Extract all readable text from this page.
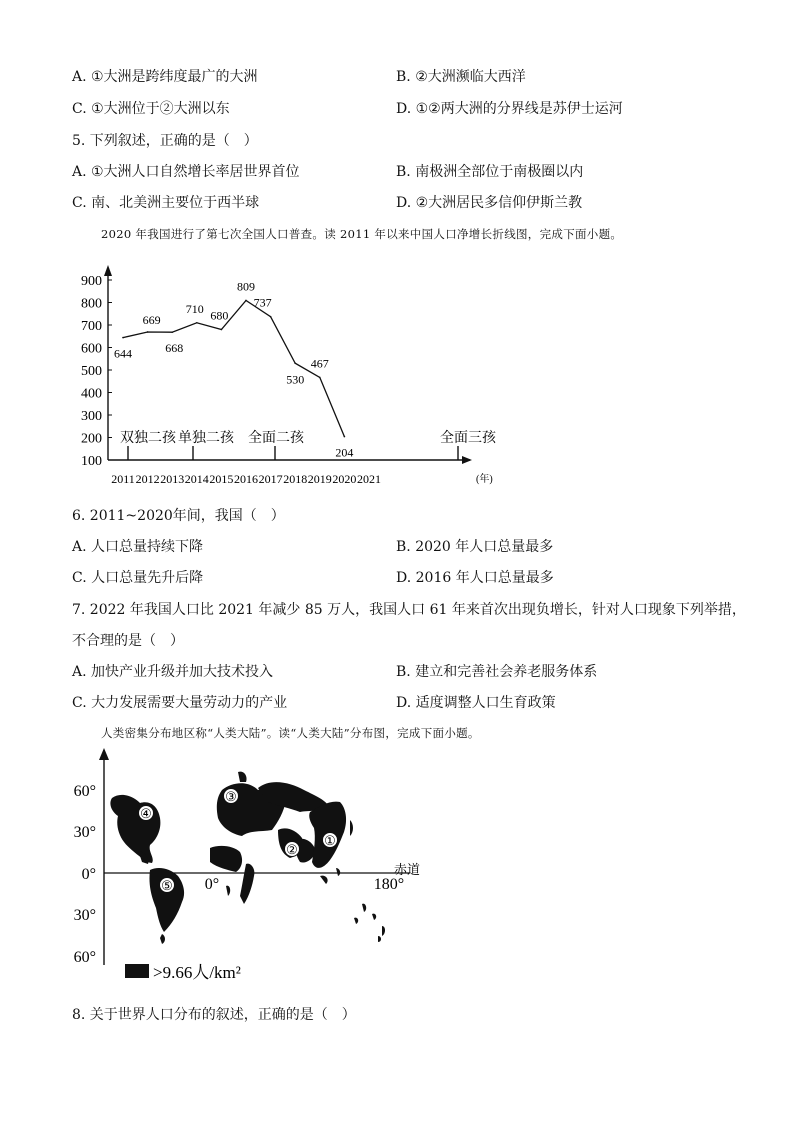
A. ①大洲是跨纬度最广的大洲	B. ②大洲濒临大西洋
C. ①大洲位于②大洲以东	D. ①②两大洲的分界线是苏伊士运河
5. 下列叙述，正确的是（　）
A. ①大洲人口自然增长率居世界首位	B. 南极洲全部位于南极圈以内
C. 南、北美洲主要位于西半球	D. ②大洲居民多信仰伊斯兰教
2020 年我国进行了第七次全国人口普查。读 2011 年以来中国人口净增长折线图，完成下面小题。
100
200
300
400
500
600
700
800
900
2011 2012 2013 2014 2015 2016 2017 2018 2019 2020 2021	(年)
双独二孩 单独二孩 全面二孩	全面三孩
644
669
668
710 680
809
737
530
467
204
6. 2011~2020年间，我国（　）
A. 人口总量持续下降	B. 2020 年人口总量最多
C. 人口总量先升后降	D. 2016 年人口总量最多
7. 2022 年我国人口比 2021 年减少 85 万人，我国人口 61 年来首次出现负增长，针对人口现象下列举措，
不合理的是（　）
A. 加快产业升级并加大技术投入	B. 建立和完善社会养老服务体系
C. 大力发展需要大量劳动力的产业	D. 适度调整人口生育政策
人类密集分布地区称“人类大陆”。读“人类大陆”分布图，完成下面小题。
60°
30°
0°
30°
60°
0°	180°
赤道
①
②
③
④
⑤
>9.66人/km²
8. 关于世界人口分布的叙述，正确的是（　）
